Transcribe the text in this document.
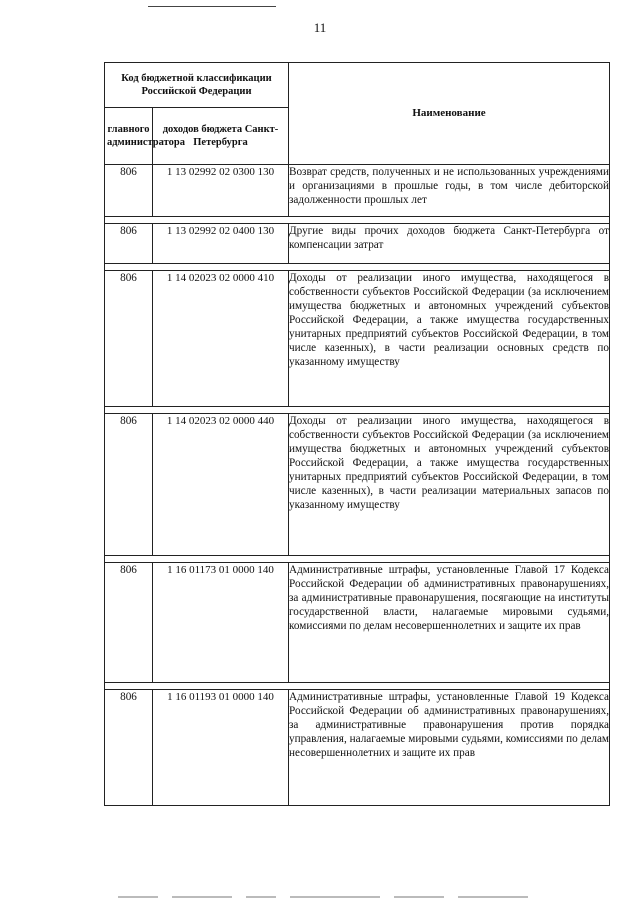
11
Код бюджетной классификации Российской Федерации		Наименование
главного администратора	доходов бюджета Санкт-Петербурга	
806	1 13 02992 02 0300 130	Возврат средств, полученных и не использованных учреждениями и организациями в прошлые годы, в том числе дебиторской задолженности прошлых лет

806	1 13 02992 02 0400 130	Другие виды прочих доходов бюджета Санкт-Петербурга от компенсации затрат

806	1 14 02023 02 0000 410	Доходы от реализации иного имущества, находящегося в собственности субъектов Российской Федерации (за исключением имущества бюджетных и автономных учреждений субъектов Российской Федерации, а также имущества государственных унитарных предприятий субъектов Российской Федерации, в том числе казенных), в части реализации основных средств по указанному имуществу

806	1 14 02023 02 0000 440	Доходы от реализации иного имущества, находящегося в собственности субъектов Российской Федерации (за исключением имущества бюджетных и автономных учреждений субъектов Российской Федерации, а также имущества государственных унитарных предприятий субъектов Российской Федерации, в том числе казенных), в части реализации материальных запасов по указанному имуществу

806	1 16 01173 01 0000 140	Административные штрафы, установленные Главой 17 Кодекса Российской Федерации об административных правонарушениях, за административные правонарушения, посягающие на институты государственной власти, налагаемые мировыми судьями, комиссиями по делам несовершеннолетних и защите их прав

806	1 16 01193 01 0000 140	Административные штрафы, установленные Главой 19 Кодекса Российской Федерации об административных правонарушениях, за административные правонарушения против порядка управления, налагаемые мировыми судьями, комиссиями по делам несовершеннолетних и защите их прав
